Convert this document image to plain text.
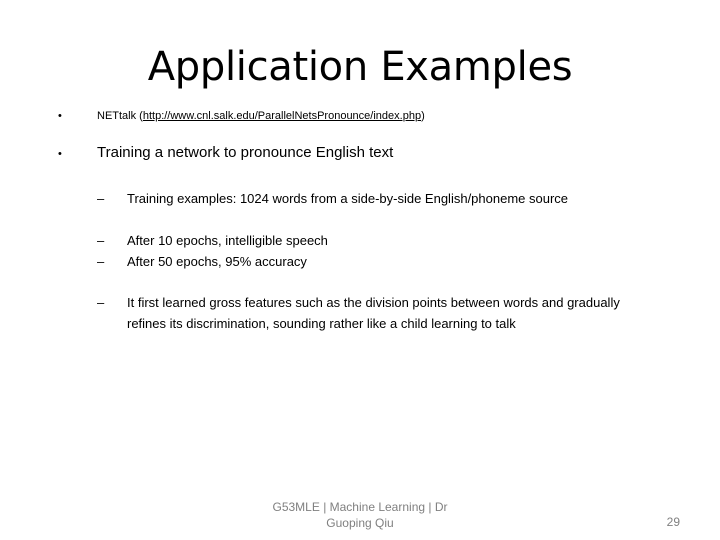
Application Examples
•	NETtalk (http://www.cnl.salk.edu/ParallelNetsPronounce/index.php)
• Training a network to pronounce English text
– Training examples: 1024 words from a side-by-side English/phoneme source
– After 10 epochs, intelligible speech
– After 50 epochs, 95% accuracy
– It first learned gross features such as the division points between words and gradually refines its discrimination, sounding rather like a child learning to talk
G53MLE | Machine Learning | Dr
Guoping Qiu	29
